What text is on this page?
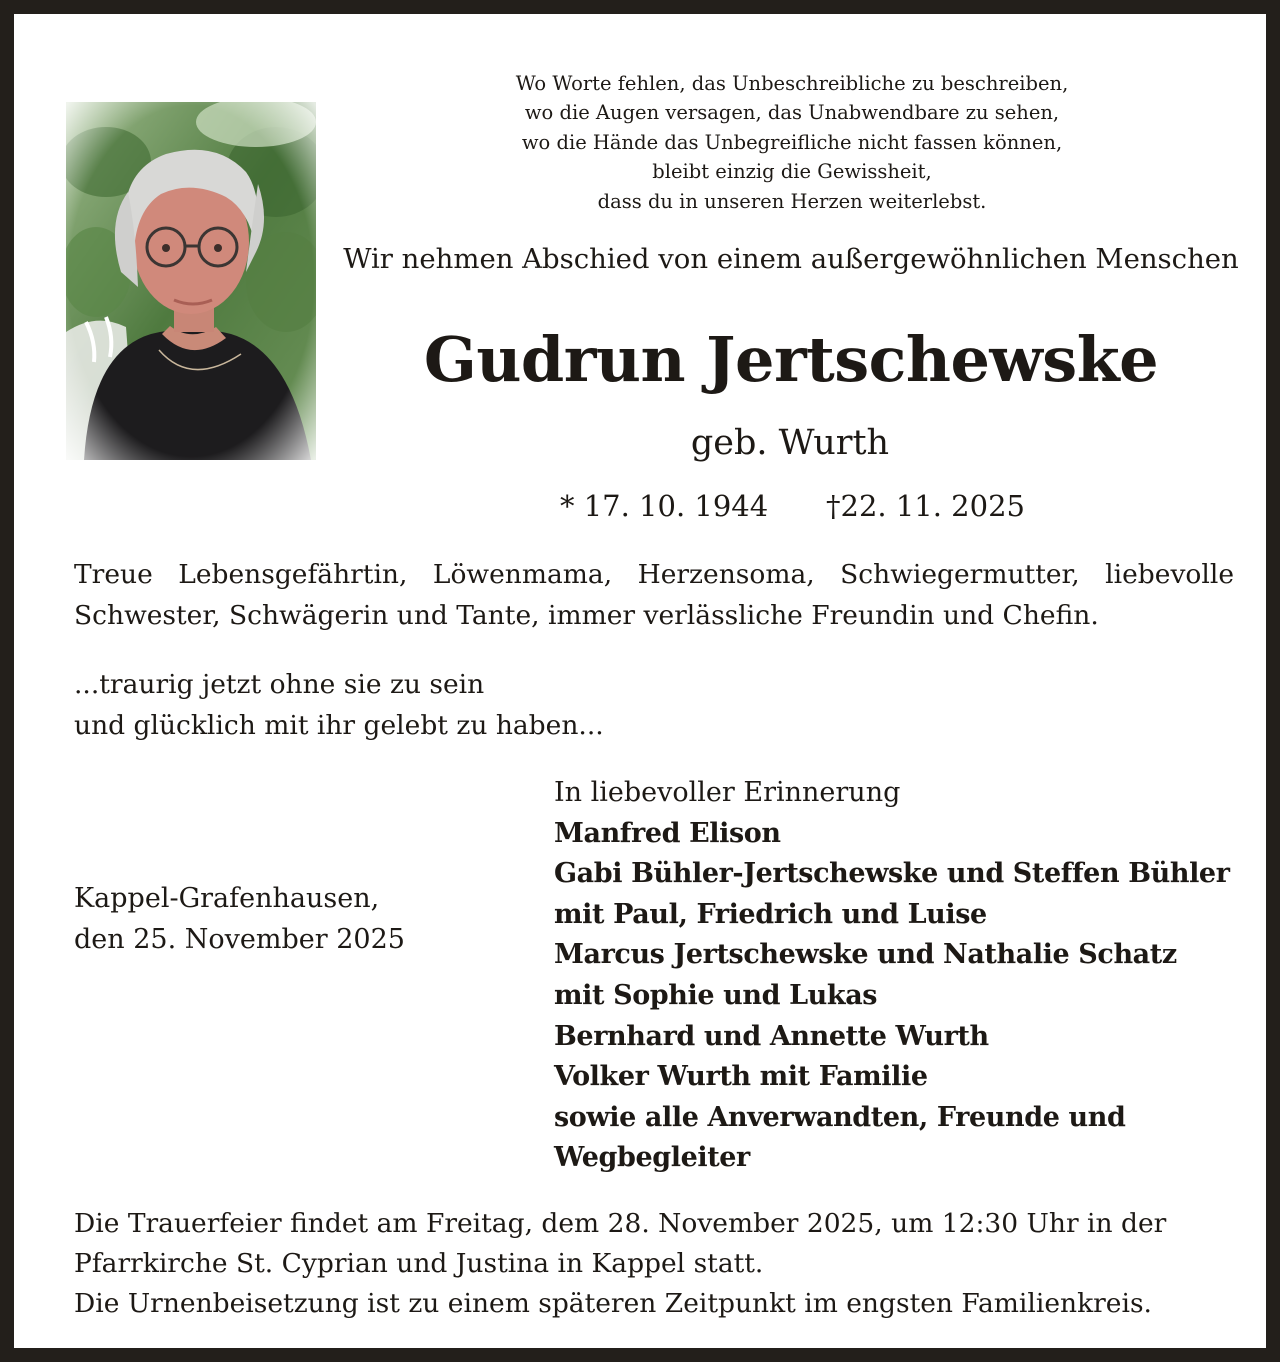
Wo Worte fehlen, das Unbeschreibliche zu beschreiben,
wo die Augen versagen, das Unabwendbare zu sehen,
wo die Hände das Unbegreifliche nicht fassen können,
bleibt einzig die Gewissheit,
dass du in unseren Herzen weiterlebst.
Wir nehmen Abschied von einem außergewöhnlichen Menschen
Gudrun Jertschewske
geb. Wurth
* 17. 10. 1944 †22. 11. 2025
Treue Lebensgefährtin, Löwenmama, Herzensoma, Schwiegermutter, liebevolle
Schwester, Schwägerin und Tante, immer verlässliche Freundin und Chefin.
...traurig jetzt ohne sie zu sein
und glücklich mit ihr gelebt zu haben...
Kappel-Grafenhausen,
den 25. November 2025
In liebevoller Erinnerung
Manfred Elison
Gabi Bühler-Jertschewske und Steffen Bühler
mit Paul, Friedrich und Luise
Marcus Jertschewske und Nathalie Schatz
mit Sophie und Lukas
Bernhard und Annette Wurth
Volker Wurth mit Familie
sowie alle Anverwandten, Freunde und
Wegbegleiter
Die Trauerfeier findet am Freitag, dem 28. November 2025, um 12:30 Uhr in der
Pfarrkirche St. Cyprian und Justina in Kappel statt.
Die Urnenbeisetzung ist zu einem späteren Zeitpunkt im engsten Familienkreis.
